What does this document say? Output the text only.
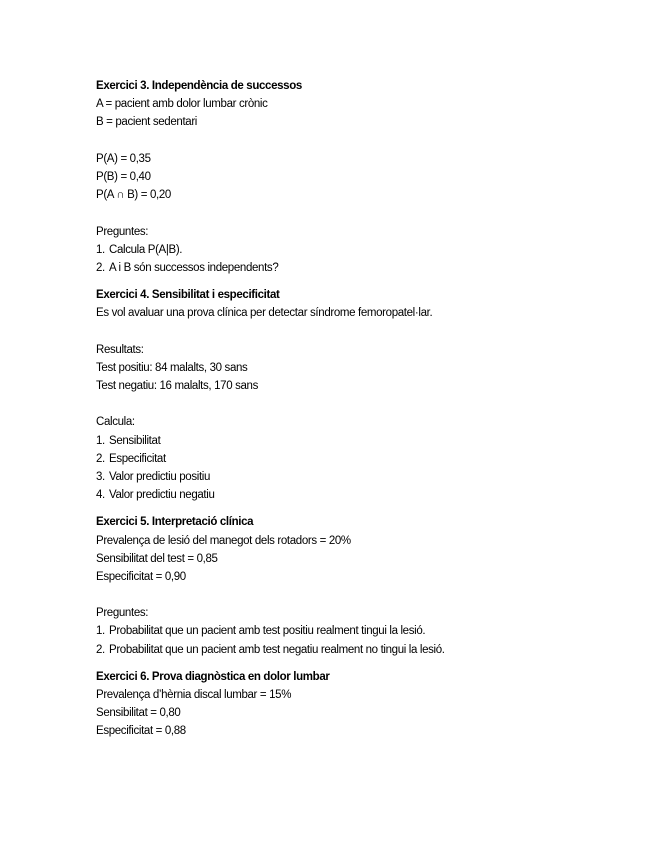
Exercici 3. Independència de successos
A = pacient amb dolor lumbar crònic
B = pacient sedentari
P(A) = 0,35
P(B) = 0,40
P(A ∩ B) = 0,20
Preguntes:
1. Calcula P(A|B).
2. A i B són successos independents?
Exercici 4. Sensibilitat i especificitat
Es vol avaluar una prova clínica per detectar síndrome femoropatel·lar.
Resultats:
Test positiu: 84 malalts, 30 sans
Test negatiu: 16 malalts, 170 sans
Calcula:
1. Sensibilitat
2. Especificitat
3. Valor predictiu positiu
4. Valor predictiu negatiu
Exercici 5. Interpretació clínica
Prevalença de lesió del manegot dels rotadors = 20%
Sensibilitat del test = 0,85
Especificitat = 0,90
Preguntes:
1. Probabilitat que un pacient amb test positiu realment tingui la lesió.
2. Probabilitat que un pacient amb test negatiu realment no tingui la lesió.
Exercici 6. Prova diagnòstica en dolor lumbar
Prevalença d’hèrnia discal lumbar = 15%
Sensibilitat = 0,80
Especificitat = 0,88
